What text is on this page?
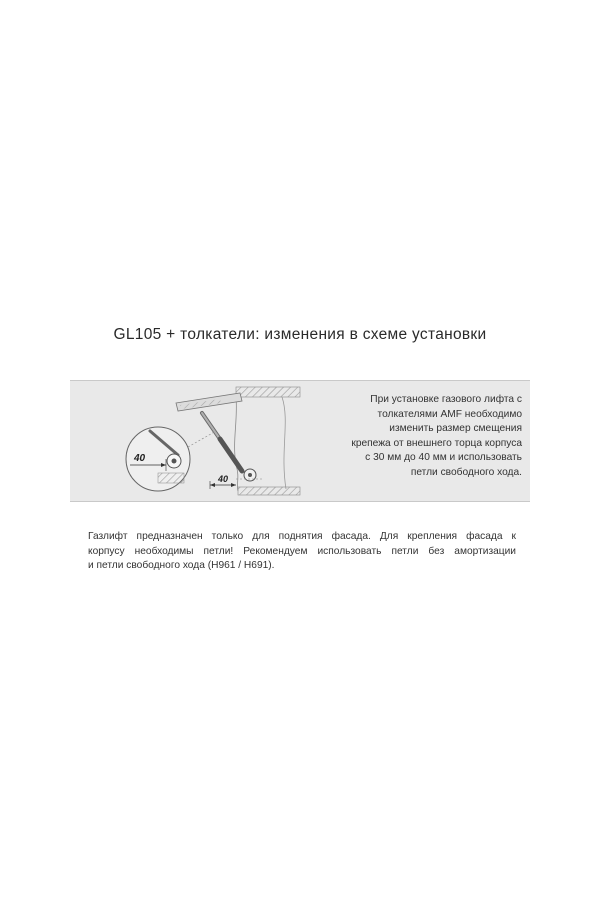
GL105 + толкатели: изменения в схеме установки
40
40
При установке газового лифта с
толкателями AMF необходимо
изменить размер смещения
крепежа от внешнего торца корпуса
с 30 мм до 40 мм и использовать
петли свободного хода.
Газлифт предназначен только для поднятия фасада. Для крепления фасада к
корпусу необходимы петли! Рекомендуем использовать петли без амортизации
и петли свободного хода (H961 / H691).
